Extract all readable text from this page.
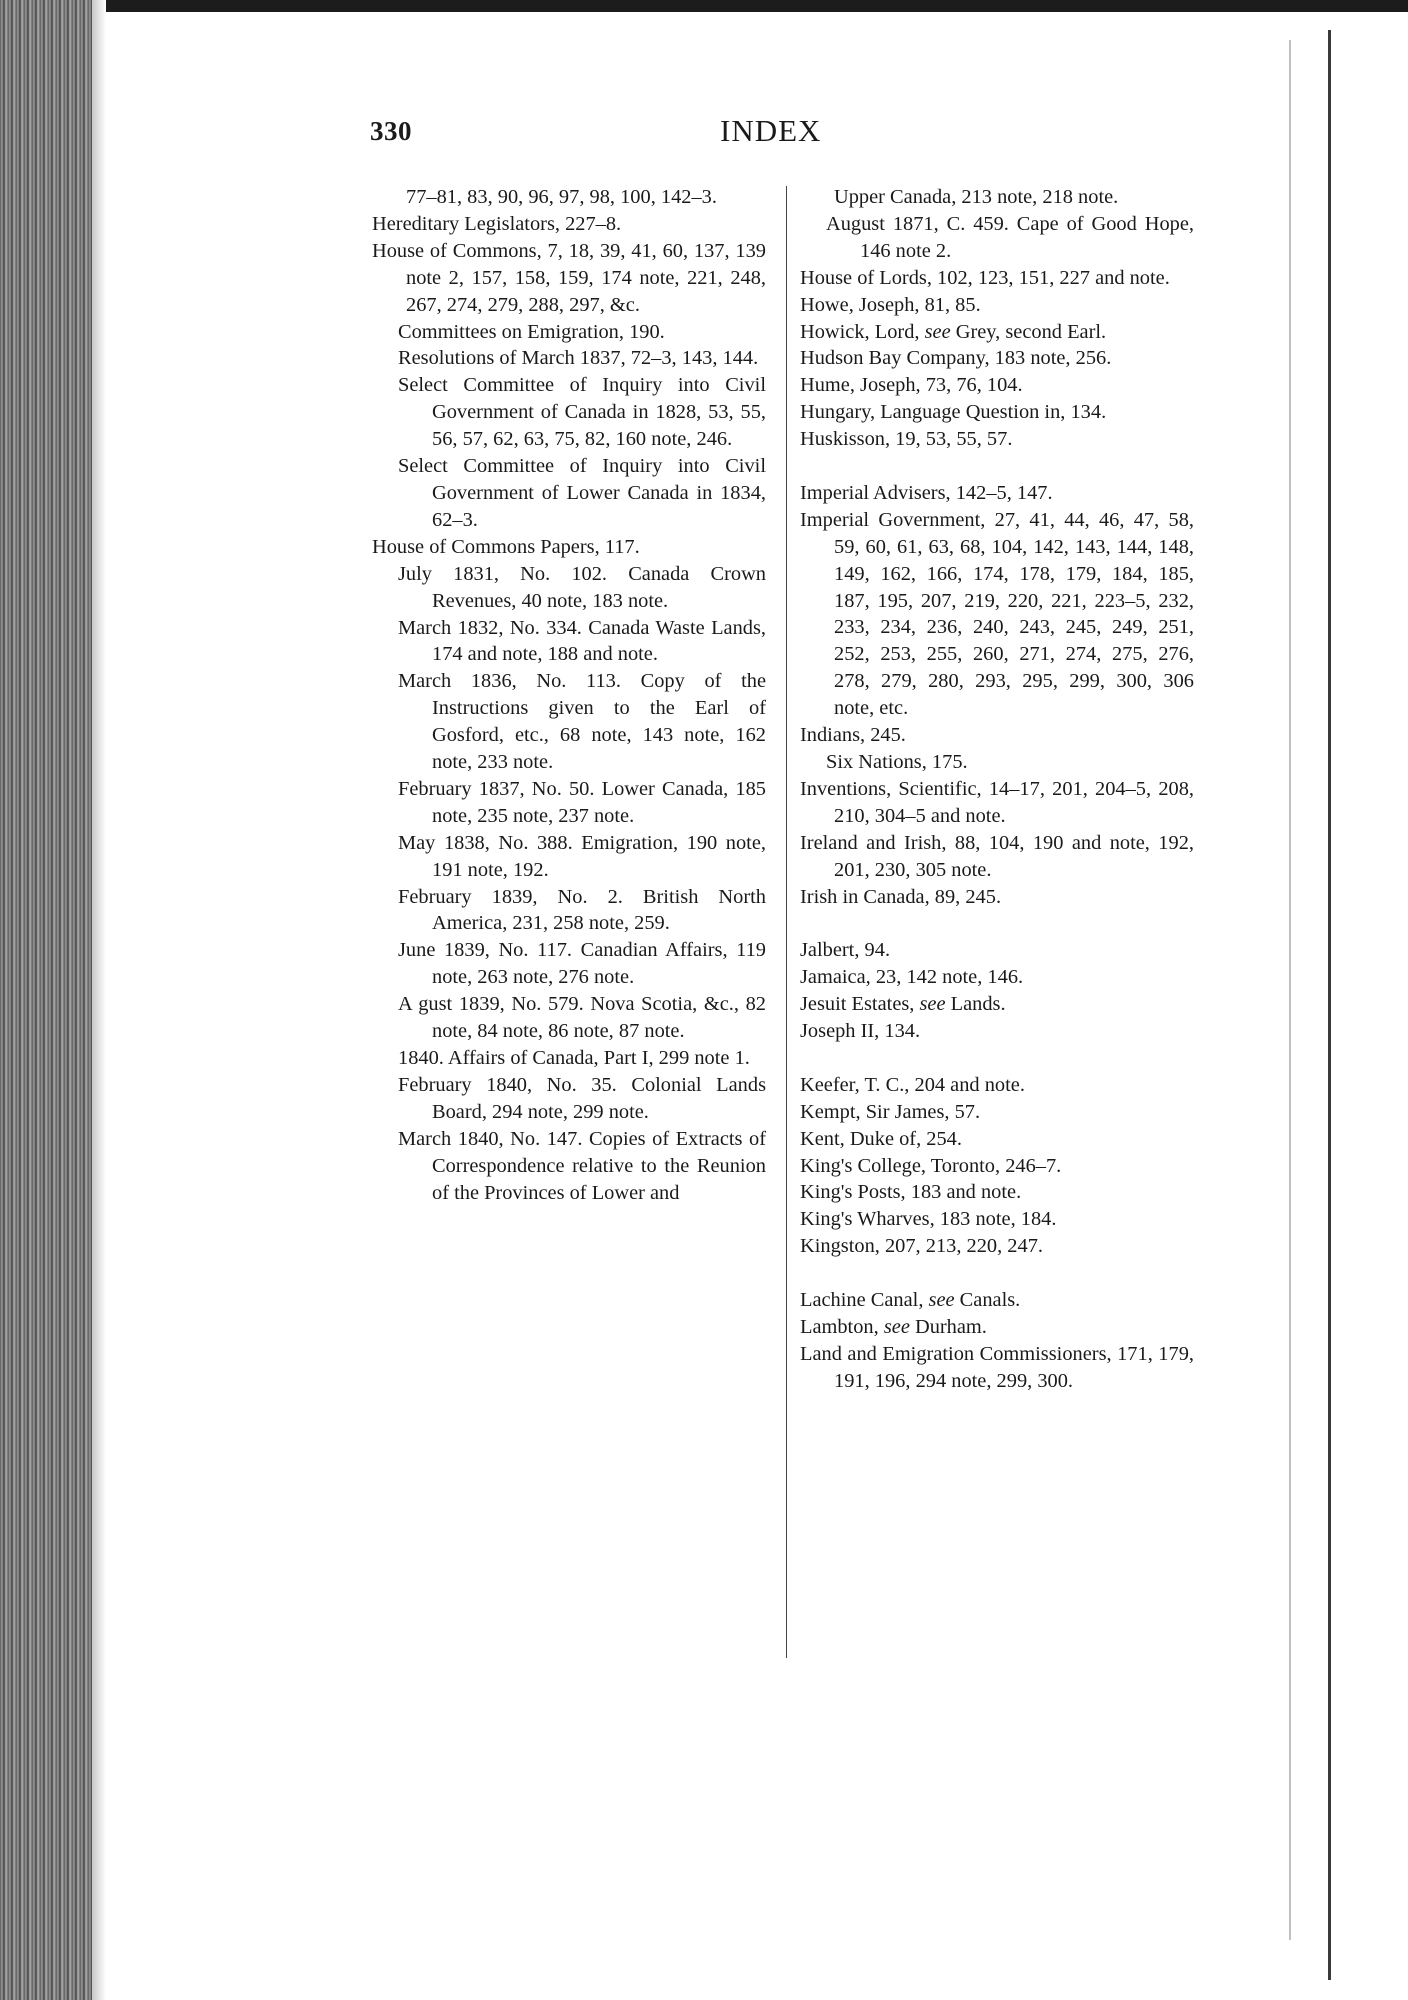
330	INDEX
77–81, 83, 90, 96, 97, 98, 100, 142–3.
Hereditary Legislators, 227–8.
House of Commons, 7, 18, 39, 41, 60, 137, 139 note 2, 157, 158, 159, 174 note, 221, 248, 267, 274, 279, 288, 297, &c.
Committees on Emigration, 190.
Resolutions of March 1837, 72–3, 143, 144.
Select Committee of Inquiry into Civil Government of Canada in 1828, 53, 55, 56, 57, 62, 63, 75, 82, 160 note, 246.
Select Committee of Inquiry into Civil Government of Lower Canada in 1834, 62–3.
House of Commons Papers, 117.
July 1831, No. 102. Canada Crown Revenues, 40 note, 183 note.
March 1832, No. 334. Canada Waste Lands, 174 and note, 188 and note.
March 1836, No. 113. Copy of the Instructions given to the Earl of Gosford, etc., 68 note, 143 note, 162 note, 233 note.
February 1837, No. 50. Lower Canada, 185 note, 235 note, 237 note.
May 1838, No. 388. Emigration, 190 note, 191 note, 192.
February 1839, No. 2. British North America, 231, 258 note, 259.
June 1839, No. 117. Canadian Affairs, 119 note, 263 note, 276 note.
A gust 1839, No. 579. Nova Scotia, &c., 82 note, 84 note, 86 note, 87 note.
1840. Affairs of Canada, Part I, 299 note 1.
February 1840, No. 35. Colonial Lands Board, 294 note, 299 note.
March 1840, No. 147. Copies of Extracts of Correspondence relative to the Reunion of the Provinces of Lower and
Upper Canada, 213 note, 218 note.
August 1871, C. 459. Cape of Good Hope, 146 note 2.
House of Lords, 102, 123, 151, 227 and note.
Howe, Joseph, 81, 85.
Howick, Lord, see Grey, second Earl.
Hudson Bay Company, 183 note, 256.
Hume, Joseph, 73, 76, 104.
Hungary, Language Question in, 134.
Huskisson, 19, 53, 55, 57.
Imperial Advisers, 142–5, 147.
Imperial Government, 27, 41, 44, 46, 47, 58, 59, 60, 61, 63, 68, 104, 142, 143, 144, 148, 149, 162, 166, 174, 178, 179, 184, 185, 187, 195, 207, 219, 220, 221, 223–5, 232, 233, 234, 236, 240, 243, 245, 249, 251, 252, 253, 255, 260, 271, 274, 275, 276, 278, 279, 280, 293, 295, 299, 300, 306 note, etc.
Indians, 245.
Six Nations, 175.
Inventions, Scientific, 14–17, 201, 204–5, 208, 210, 304–5 and note.
Ireland and Irish, 88, 104, 190 and note, 192, 201, 230, 305 note.
Irish in Canada, 89, 245.
Jalbert, 94.
Jamaica, 23, 142 note, 146.
Jesuit Estates, see Lands.
Joseph II, 134.
Keefer, T. C., 204 and note.
Kempt, Sir James, 57.
Kent, Duke of, 254.
King's College, Toronto, 246–7.
King's Posts, 183 and note.
King's Wharves, 183 note, 184.
Kingston, 207, 213, 220, 247.
Lachine Canal, see Canals.
Lambton, see Durham.
Land and Emigration Commissioners, 171, 179, 191, 196, 294 note, 299, 300.
